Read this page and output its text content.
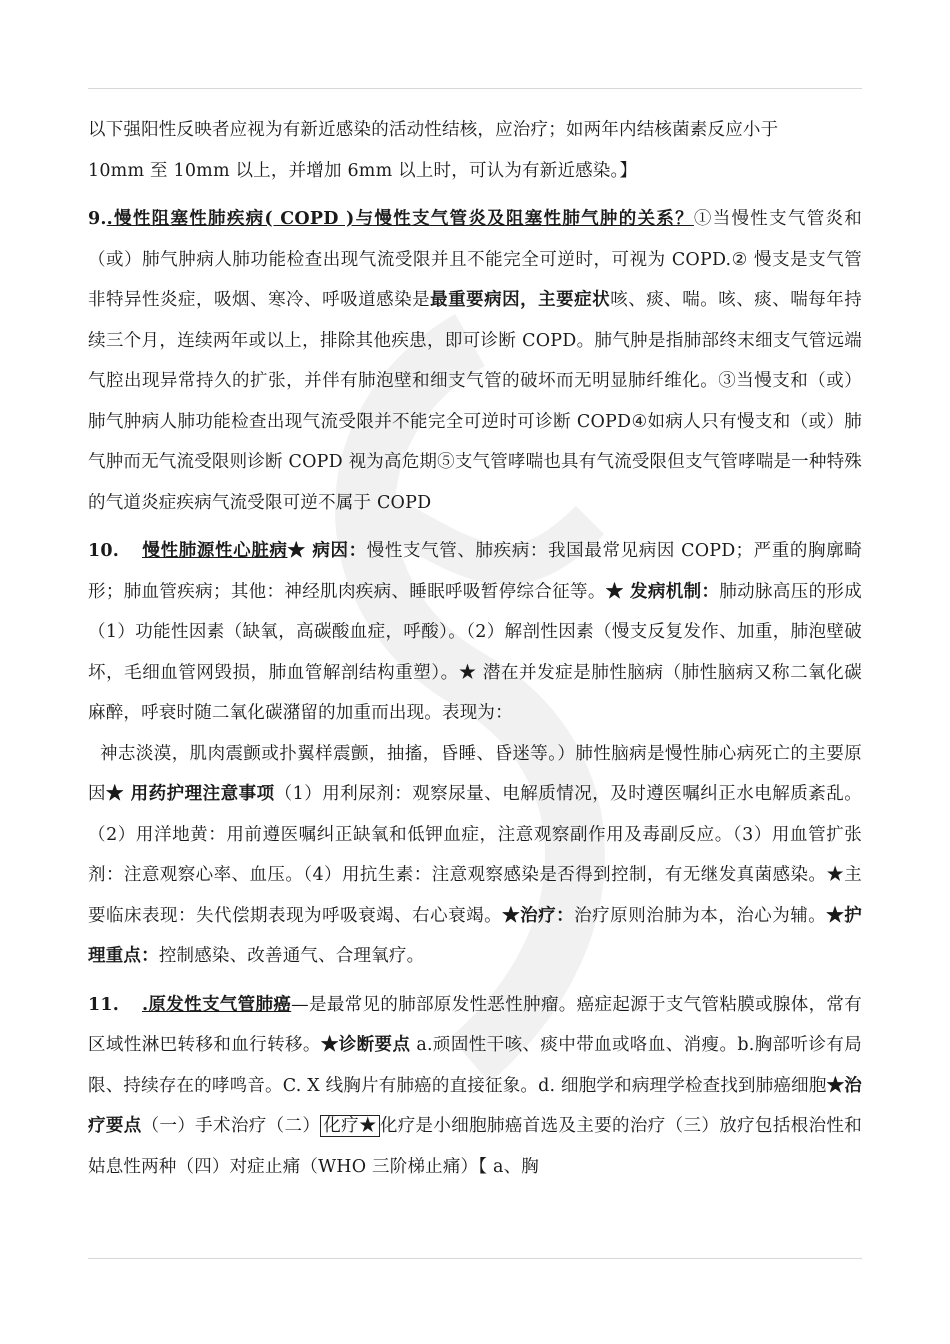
以下强阳性反映者应视为有新近感染的活动性结核，应治疗；如两年内结核菌素反应小于
10mm 至 10mm 以上，并增加 6mm 以上时，可认为有新近感染。】

9..慢性阻塞性肺疾病( COPD )与慢性支气管炎及阻塞性肺气肿的关系？①当慢性支气管炎和（或）肺气肿病人肺功能检查出现气流受限并且不能完全可逆时，可视为 COPD.② 慢支是支气管非特异性炎症，吸烟、寒冷、呼吸道感染是最重要病因，主要症状咳、痰、喘。咳、痰、喘每年持续三个月，连续两年或以上，排除其他疾患，即可诊断 COPD。肺气肿是指肺部终末细支气管远端气腔出现异常持久的扩张，并伴有肺泡壁和细支气管的破坏而无明显肺纤维化。③当慢支和（或）肺气肿病人肺功能检查出现气流受限并不能完全可逆时可诊断 COPD④如病人只有慢支和（或）肺气肿而无气流受限则诊断 COPD 视为高危期⑤支气管哮喘也具有气流受限但支气管哮喘是一种特殊的气道炎症疾病气流受限可逆不属于 COPD

10. 慢性肺源性心脏病★ 病因：慢性支气管、肺疾病：我国最常见病因 COPD；严重的胸廓畸形；肺血管疾病；其他：神经肌肉疾病、睡眠呼吸暂停综合征等。★ 发病机制：肺动脉高压的形成（1）功能性因素（缺氧，高碳酸血症，呼酸）。（2）解剖性因素（慢支反复发作、加重，肺泡壁破坏，毛细血管网毁损，肺血管解剖结构重塑）。★ 潜在并发症是肺性脑病（肺性脑病又称二氧化碳麻醉，呼衰时随二氧化碳潴留的加重而出现。表现为：
神志淡漠，肌肉震颤或扑翼样震颤，抽搐，昏睡、昏迷等。）肺性脑病是慢性肺心病死亡的主要原因★ 用药护理注意事项（1）用利尿剂：观察尿量、电解质情况，及时遵医嘱纠正水电解质紊乱。（2）用洋地黄：用前遵医嘱纠正缺氧和低钾血症，注意观察副作用及毒副反应。（3）用血管扩张剂：注意观察心率、血压。（4）用抗生素：注意观察感染是否得到控制，有无继发真菌感染。★主要临床表现：失代偿期表现为呼吸衰竭、右心衰竭。★治疗：治疗原则治肺为本，治心为辅。★护理重点：控制感染、改善通气、合理氧疗。

11. .原发性支气管肺癌—是最常见的肺部原发性恶性肿瘤。癌症起源于支气管粘膜或腺体，常有区域性淋巴转移和血行转移。★诊断要点 a.顽固性干咳、痰中带血或咯血、消瘦。b.胸部听诊有局限、持续存在的哮鸣音。C. X 线胸片有肺癌的直接征象。d. 细胞学和病理学检查找到肺癌细胞★治疗要点（一）手术治疗（二） 化疗★ 化疗是小细胞肺癌首选及主要的治疗（三）放疗包括根治性和姑息性两种（四）对症止痛（WHO 三阶梯止痛）【 a、胸
